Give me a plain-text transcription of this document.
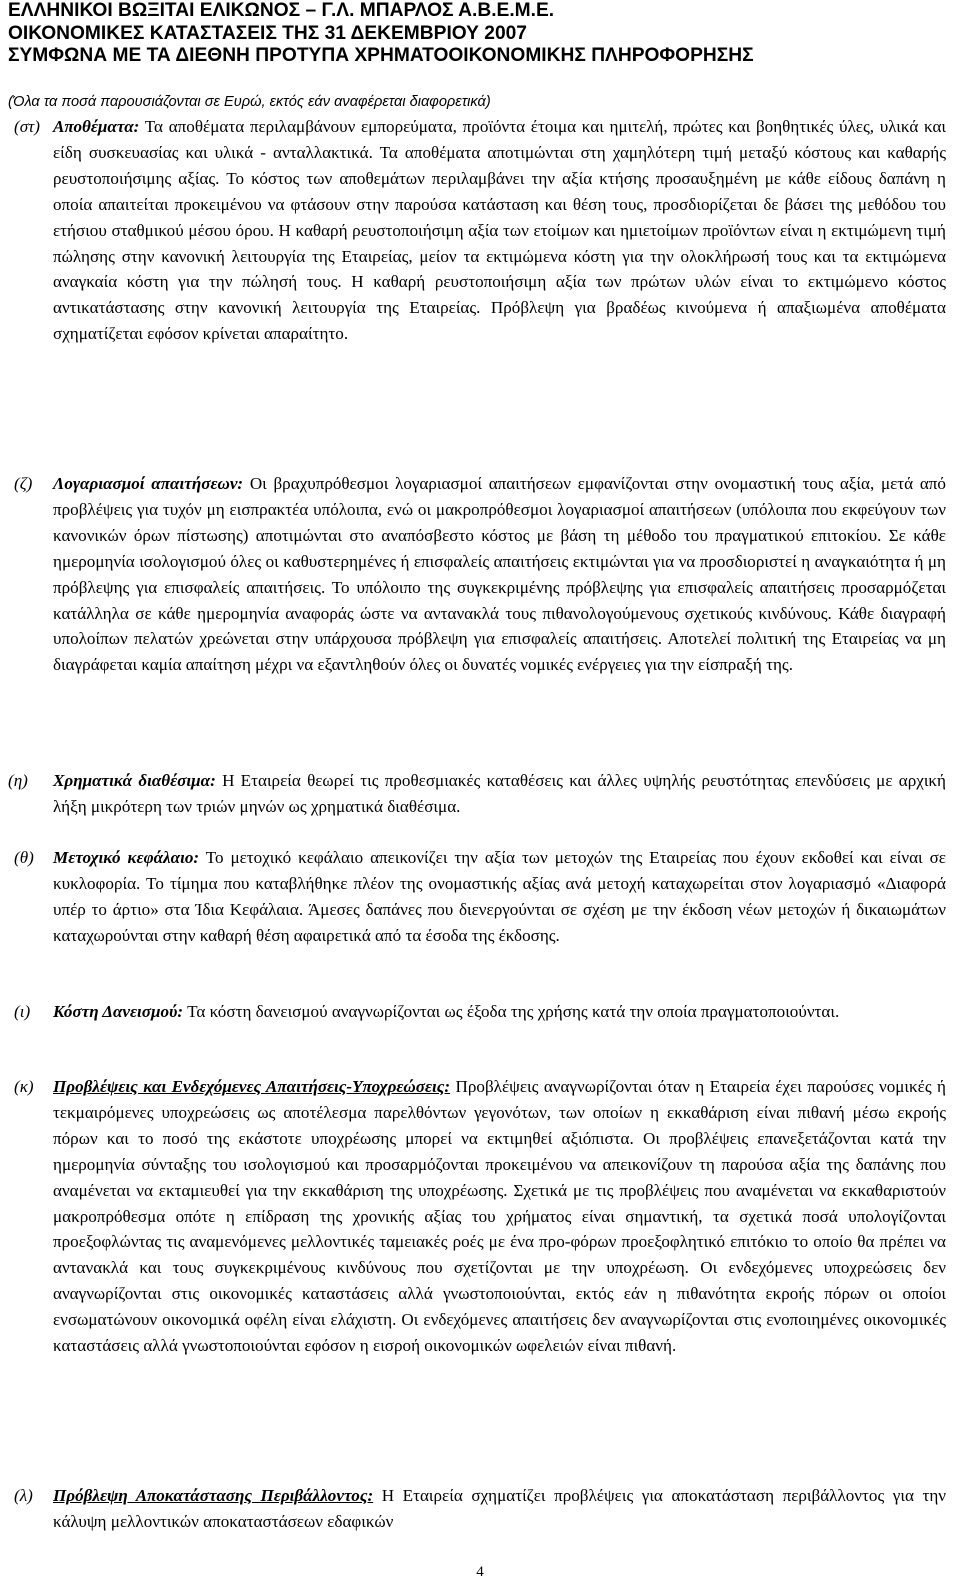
ΕΛΛΗΝΙΚΟΙ ΒΩΞΙΤΑΙ ΕΛΙΚΩΝΟΣ – Γ.Λ. ΜΠΑΡΛΟΣ Α.Β.Ε.Μ.Ε.
ΟΙΚΟΝΟΜΙΚΕΣ ΚΑΤΑΣΤΑΣΕΙΣ ΤΗΣ 31 ΔΕΚΕΜΒΡΙΟΥ 2007
ΣΥΜΦΩΝΑ ΜΕ ΤΑ ΔΙΕΘΝΗ ΠΡΟΤΥΠΑ ΧΡΗΜΑΤΟΟΙΚΟΝΟΜΙΚΗΣ ΠΛΗΡΟΦΟΡΗΣΗΣ
(Όλα τα ποσά παρουσιάζονται σε Ευρώ, εκτός εάν αναφέρεται διαφορετικά)
(στ) Αποθέματα: Τα αποθέματα περιλαμβάνουν εμπορεύματα, προϊόντα έτοιμα και ημιτελή, πρώτες και βοηθητικές ύλες, υλικά και είδη συσκευασίας και υλικά - ανταλλακτικά. Τα αποθέματα αποτιμώνται στη χαμηλότερη τιμή μεταξύ κόστους και καθαρής ρευστοποιήσιμης αξίας. Το κόστος των αποθεμάτων περιλαμβάνει την αξία κτήσης προσαυξημένη με κάθε είδους δαπάνη η οποία απαιτείται προκειμένου να φτάσουν στην παρούσα κατάσταση και θέση τους, προσδιορίζεται δε βάσει της μεθόδου του ετήσιου σταθμικού μέσου όρου. Η καθαρή ρευστοποιήσιμη αξία των ετοίμων και ημιετοίμων προϊόντων είναι η εκτιμώμενη τιμή πώλησης στην κανονική λειτουργία της Εταιρείας, μείον τα εκτιμώμενα κόστη για την ολοκλήρωσή τους και τα εκτιμώμενα αναγκαία κόστη για την πώλησή τους. Η καθαρή ρευστοποιήσιμη αξία των πρώτων υλών είναι το εκτιμώμενο κόστος αντικατάστασης στην κανονική λειτουργία της Εταιρείας. Πρόβλεψη για βραδέως κινούμενα ή απαξιωμένα αποθέματα σχηματίζεται εφόσον κρίνεται απαραίτητο.
(ζ)	Λογαριασμοί απαιτήσεων: Οι βραχυπρόθεσμοι λογαριασμοί απαιτήσεων εμφανίζονται στην ονομαστική τους αξία, μετά από προβλέψεις για τυχόν μη εισπρακτέα υπόλοιπα, ενώ οι μακροπρόθεσμοι λογαριασμοί απαιτήσεων (υπόλοιπα που εκφεύγουν των κανονικών όρων πίστωσης) αποτιμώνται στο αναπόσβεστο κόστος με βάση τη μέθοδο του πραγματικού επιτοκίου. Σε κάθε ημερομηνία ισολογισμού όλες οι καθυστερημένες ή επισφαλείς απαιτήσεις εκτιμώνται για να προσδιοριστεί η αναγκαιότητα ή μη πρόβλεψης για επισφαλείς απαιτήσεις. Το υπόλοιπο της συγκεκριμένης πρόβλεψης για επισφαλείς απαιτήσεις προσαρμόζεται κατάλληλα σε κάθε ημερομηνία αναφοράς ώστε να αντανακλά τους πιθανολογούμενους σχετικούς κινδύνους. Κάθε διαγραφή υπολοίπων πελατών χρεώνεται στην υπάρχουσα πρόβλεψη για επισφαλείς απαιτήσεις. Αποτελεί πολιτική της Εταιρείας να μη διαγράφεται καμία απαίτηση μέχρι να εξαντληθούν όλες οι δυνατές νομικές ενέργειες για την είσπραξή της.
(η)	Χρηματικά διαθέσιμα: Η Εταιρεία θεωρεί τις προθεσμιακές καταθέσεις και άλλες υψηλής ρευστότητας επενδύσεις με αρχική λήξη μικρότερη των τριών μηνών ως χρηματικά διαθέσιμα.
(θ)	Μετοχικό κεφάλαιο: Το μετοχικό κεφάλαιο απεικονίζει την αξία των μετοχών της Εταιρείας που έχουν εκδοθεί και είναι σε κυκλοφορία. Το τίμημα που καταβλήθηκε πλέον της ονομαστικής αξίας ανά μετοχή καταχωρείται στον λογαριασμό «Διαφορά υπέρ το άρτιο» στα Ίδια Κεφάλαια. Άμεσες δαπάνες που διενεργούνται σε σχέση με την έκδοση νέων μετοχών ή δικαιωμάτων καταχωρούνται στην καθαρή θέση αφαιρετικά από τα έσοδα της έκδοσης.
(ι)	Κόστη Δανεισμού: Τα κόστη δανεισμού αναγνωρίζονται ως έξοδα της χρήσης κατά την οποία πραγματοποιούνται.
(κ)	Προβλέψεις και Ενδεχόμενες Απαιτήσεις-Υποχρεώσεις: Προβλέψεις αναγνωρίζονται όταν η Εταιρεία έχει παρούσες νομικές ή τεκμαιρόμενες υποχρεώσεις ως αποτέλεσμα παρελθόντων γεγονότων, των οποίων η εκκαθάριση είναι πιθανή μέσω εκροής πόρων και το ποσό της εκάστοτε υποχρέωσης μπορεί να εκτιμηθεί αξιόπιστα. Οι προβλέψεις επανεξετάζονται κατά την ημερομηνία σύνταξης του ισολογισμού και προσαρμόζονται προκειμένου να απεικονίζουν τη παρούσα αξία της δαπάνης που αναμένεται να εκταμιευθεί για την εκκαθάριση της υποχρέωσης. Σχετικά με τις προβλέψεις που αναμένεται να εκκαθαριστούν μακροπρόθεσμα οπότε η επίδραση της χρονικής αξίας του χρήματος είναι σημαντική, τα σχετικά ποσά υπολογίζονται προεξοφλώντας τις αναμενόμενες μελλοντικές ταμειακές ροές με ένα προ-φόρων προεξοφλητικό επιτόκιο το οποίο θα πρέπει να αντανακλά και τους συγκεκριμένους κινδύνους που σχετίζονται με την υποχρέωση. Οι ενδεχόμενες υποχρεώσεις δεν αναγνωρίζονται στις οικονομικές καταστάσεις αλλά γνωστοποιούνται, εκτός εάν η πιθανότητα εκροής πόρων οι οποίοι ενσωματώνουν οικονομικά οφέλη είναι ελάχιστη. Οι ενδεχόμενες απαιτήσεις δεν αναγνωρίζονται στις ενοποιημένες οικονομικές καταστάσεις αλλά γνωστοποιούνται εφόσον η εισροή οικονομικών ωφελειών είναι πιθανή.
(λ)	Πρόβλεψη Αποκατάστασης Περιβάλλοντος: Η Εταιρεία σχηματίζει προβλέψεις για αποκατάσταση περιβάλλοντος για την κάλυψη μελλοντικών αποκαταστάσεων εδαφικών
4
